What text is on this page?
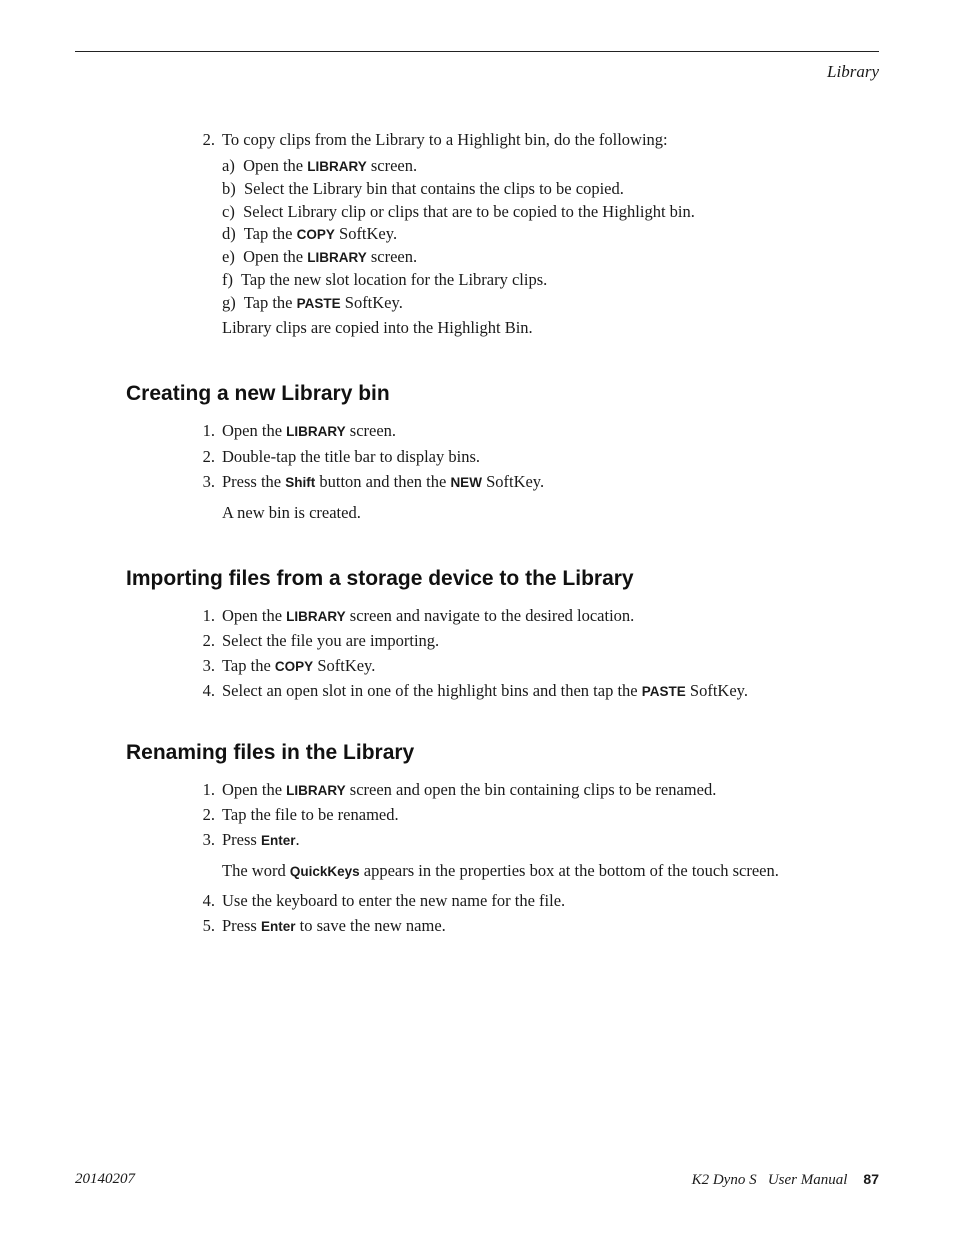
Library
2. To copy clips from the Library to a Highlight bin, do the following:
a) Open the LIBRARY screen.
b) Select the Library bin that contains the clips to be copied.
c) Select Library clip or clips that are to be copied to the Highlight bin.
d) Tap the COPY SoftKey.
e) Open the LIBRARY screen.
f) Tap the new slot location for the Library clips.
g) Tap the PASTE SoftKey.
Library clips are copied into the Highlight Bin.
Creating a new Library bin
1. Open the LIBRARY screen.
2. Double-tap the title bar to display bins.
3. Press the Shift button and then the NEW SoftKey.
A new bin is created.
Importing files from a storage device to the Library
1. Open the LIBRARY screen and navigate to the desired location.
2. Select the file you are importing.
3. Tap the COPY SoftKey.
4. Select an open slot in one of the highlight bins and then tap the PASTE SoftKey.
Renaming files in the Library
1. Open the LIBRARY screen and open the bin containing clips to be renamed.
2. Tap the file to be renamed.
3. Press Enter.
The word QuickKeys appears in the properties box at the bottom of the touch screen.
4. Use the keyboard to enter the new name for the file.
5. Press Enter to save the new name.
20140207	K2 Dyno S   User Manual 87
